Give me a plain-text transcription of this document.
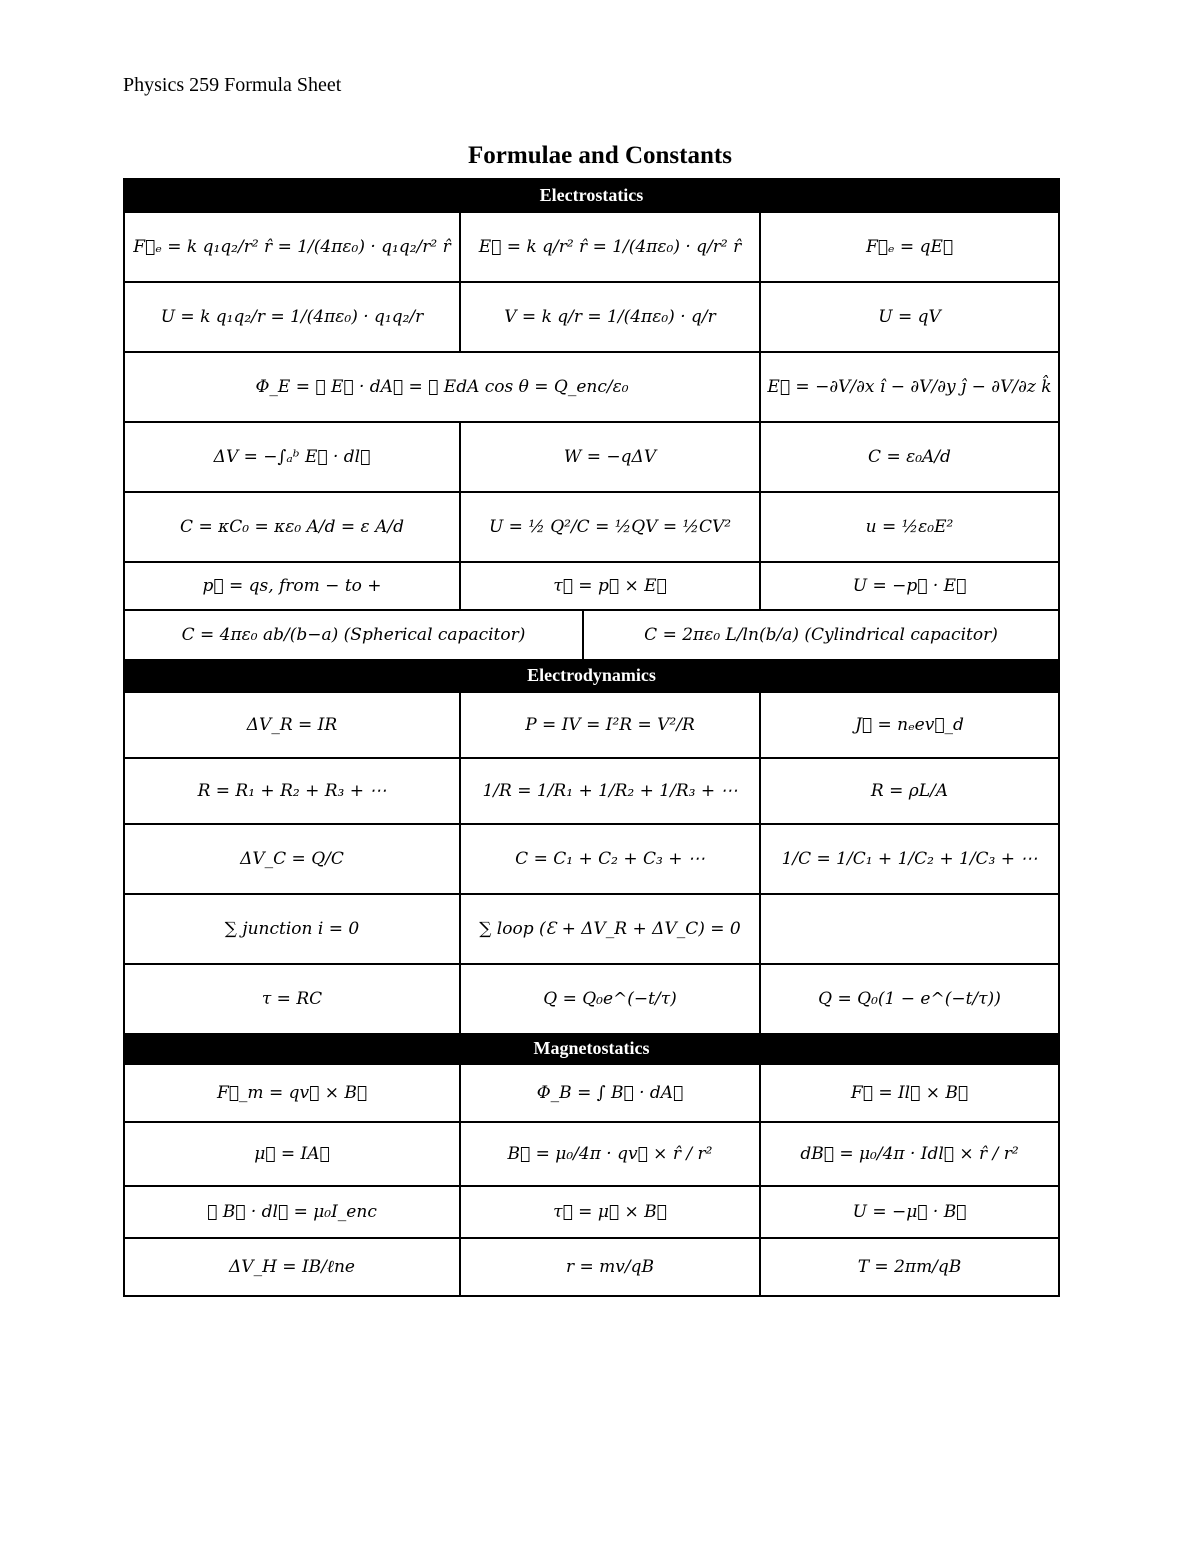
Physics 259 Formula Sheet
Formulae and Constants
Electrostatics
F⃗ₑ = k q₁q₂/r² r̂ = 1/(4πε₀) · q₁q₂/r² r̂	E⃗ = k q/r² r̂ = 1/(4πε₀) · q/r² r̂	F⃗ₑ = qE⃗
U = k q₁q₂/r = 1/(4πε₀) · q₁q₂/r	V = k q/r = 1/(4πε₀) · q/r	U = qV
Φ_E = ∯ E⃗ · dA⃗ = ∯ EdA cos θ = Q_enc/ε₀	E⃗ = −∂V/∂x î − ∂V/∂y ĵ − ∂V/∂z k̂
ΔV = −∫ₐᵇ E⃗ · dl⃗	W = −qΔV	C = ε₀A/d
C = κC₀ = κε₀ A/d = ε A/d	U = ½ Q²/C = ½QV = ½CV²	u = ½ε₀E²
p⃗ = qs, from − to +	τ⃗ = p⃗ × E⃗	U = −p⃗ · E⃗
C = 4πε₀ ab/(b−a) (Spherical capacitor)	C = 2πε₀ L/ln(b/a) (Cylindrical capacitor)
Electrodynamics
ΔV_R = IR	P = IV = I²R = V²/R	J⃗ = nₑev⃗_d
R = R₁ + R₂ + R₃ + ⋯	1/R = 1/R₁ + 1/R₂ + 1/R₃ + ⋯	R = ρL/A
ΔV_C = Q/C	C = C₁ + C₂ + C₃ + ⋯	1/C = 1/C₁ + 1/C₂ + 1/C₃ + ⋯
∑ junction i = 0	∑ loop (Ɛ + ΔV_R + ΔV_C) = 0
τ = RC	Q = Q₀e^(−t/τ)	Q = Q₀(1 − e^(−t/τ))
Magnetostatics
F⃗_m = qv⃗ × B⃗	Φ_B = ∫ B⃗ · dA⃗	F⃗ = Il⃗ × B⃗
μ⃗ = IA⃗	B⃗ = μ₀/4π · qv⃗ × r̂ / r²	dB⃗ = μ₀/4π · Idl⃗ × r̂ / r²
∮ B⃗ · dl⃗ = μ₀I_enc	τ⃗ = μ⃗ × B⃗	U = −μ⃗ · B⃗
ΔV_H = IB/ℓne	r = mv/qB	T = 2πm/qB
